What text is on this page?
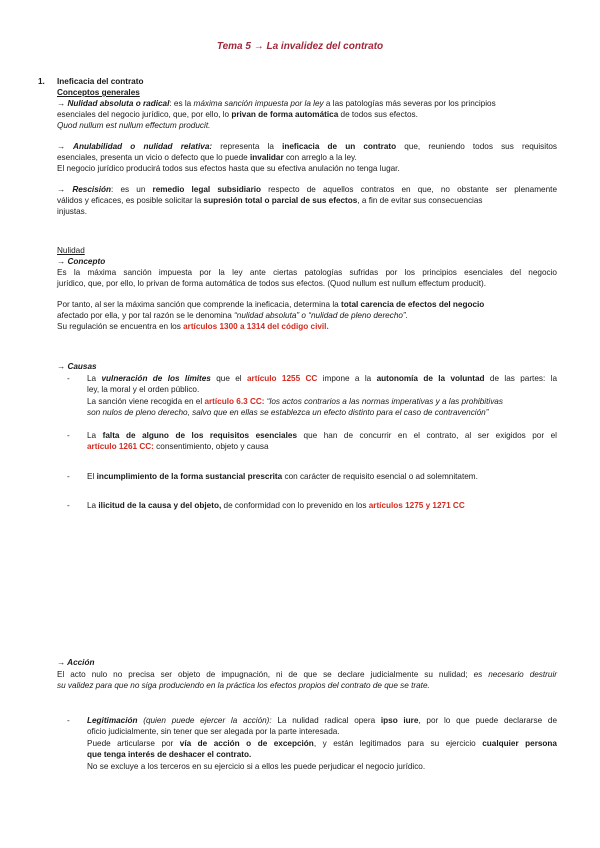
Tema 5 → La invalidez del contrato
1. Ineficacia del contrato
Conceptos generales
→ Nulidad absoluta o radical: es la máxima sanción impuesta por la ley a las patologías más severas por los principios
esenciales del negocio jurídico, que, por ello, lo privan de forma automática de todos sus efectos.
Quod nullum est nullum effectum producit.
→ Anulabilidad o nulidad relativa: representa la ineficacia de un contrato que, reuniendo todos sus requisitos
esenciales, presenta un vicio o defecto que lo puede invalidar con arreglo a la ley.
El negocio jurídico producirá todos sus efectos hasta que su efectiva anulación no tenga lugar.
→ Rescisión: es un remedio legal subsidiario respecto de aquellos contratos en que, no obstante ser plenamente
válidos y eficaces, es posible solicitar la supresión total o parcial de sus efectos, a fin de evitar sus consecuencias
injustas.
Nulidad
→ Concepto
Es la máxima sanción impuesta por la ley ante ciertas patologías sufridas por los principios esenciales del negocio
jurídico, que, por ello, lo privan de forma automática de todos sus efectos. (Quod nullum est nullum effectum producit).
Por tanto, al ser la máxima sanción que comprende la ineficacia, determina la total carencia de efectos del negocio
afectado por ella, y por tal razón se le denomina “nulidad absoluta” o “nulidad de pleno derecho”.
Su regulación se encuentra en los artículos 1300 a 1314 del código civil.
→ Causas
- La vulneración de los límites que el artículo 1255 CC impone a la autonomía de la voluntad de las partes: la
ley, la moral y el orden público.
La sanción viene recogida en el artículo 6.3 CC: “los actos contrarios a las normas imperativas y a las prohibitivas
son nulos de pleno derecho, salvo que en ellas se establezca un efecto distinto para el caso de contravención”
- La falta de alguno de los requisitos esenciales que han de concurrir en el contrato, al ser exigidos por el
artículo 1261 CC: consentimiento, objeto y causa
- El incumplimiento de la forma sustancial prescrita con carácter de requisito esencial o ad solemnitatem.
- La ilicitud de la causa y del objeto, de conformidad con lo prevenido en los artículos 1275 y 1271 CC
→ Acción
El acto nulo no precisa ser objeto de impugnación, ni de que se declare judicialmente su nulidad; es necesario destruir
su validez para que no siga produciendo en la práctica los efectos propios del contrato de que se trate.
- Legitimación (quien puede ejercer la acción): La nulidad radical opera ipso iure, por lo que puede declararse de
oficio judicialmente, sin tener que ser alegada por la parte interesada.
Puede articularse por vía de acción o de excepción, y están legitimados para su ejercicio cualquier persona
que tenga interés de deshacer el contrato.
No se excluye a los terceros en su ejercicio si a ellos les puede perjudicar el negocio jurídico.
